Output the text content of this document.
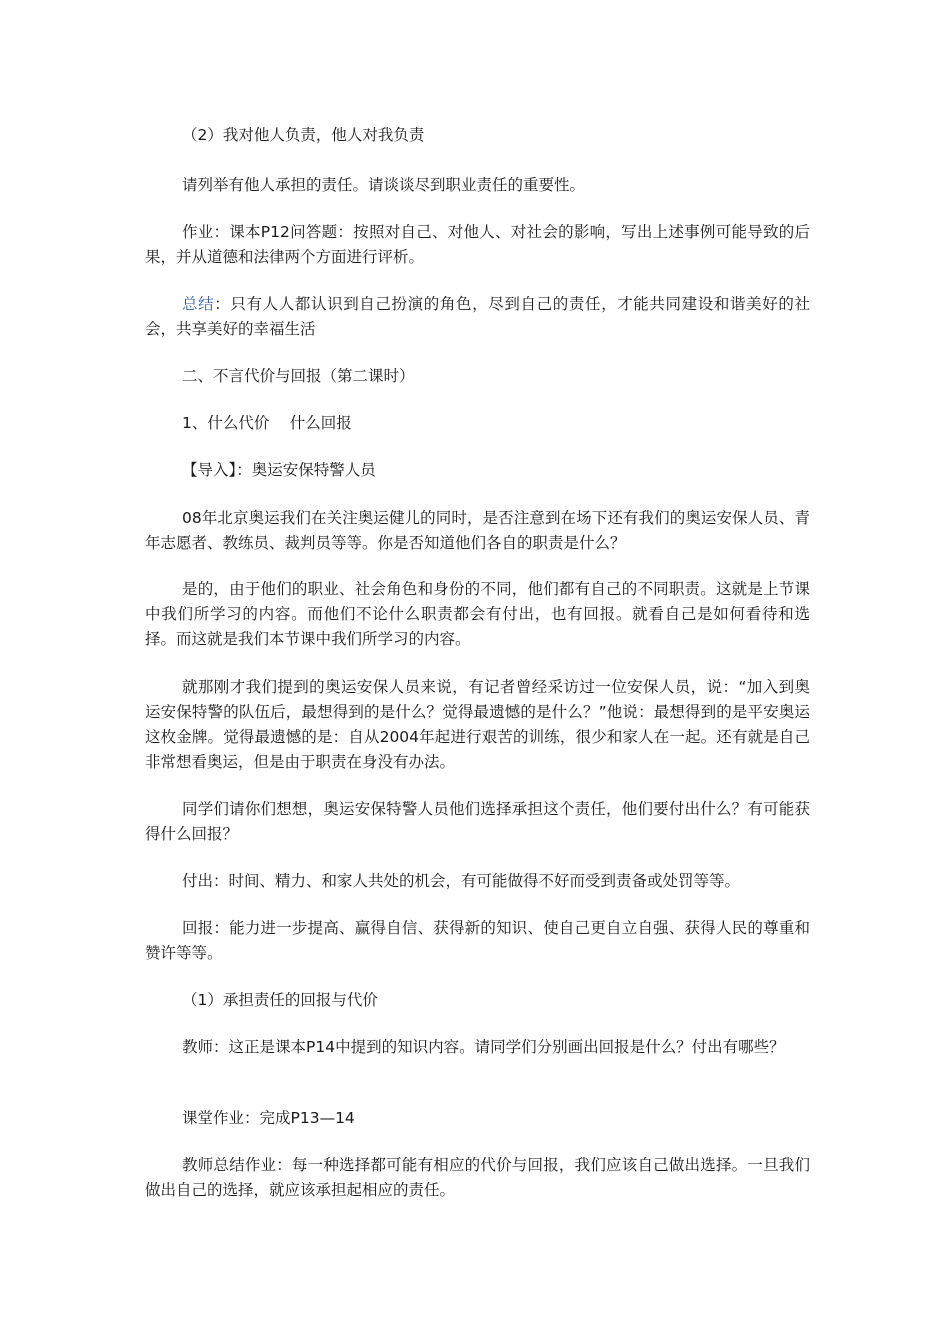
（2）我对他人负责，他人对我负责
请列举有他人承担的责任。请谈谈尽到职业责任的重要性。
作业：课本P12问答题：按照对自己、对他人、对社会的影响，写出上述事例可能导致的后果，并从道德和法律两个方面进行评析。
总结：只有人人都认识到自己扮演的角色，尽到自己的责任，才能共同建设和谐美好的社会，共享美好的幸福生活
二、不言代价与回报（第二课时）
1、什么代价　 什么回报
【导入】：奥运安保特警人员
08年北京奥运我们在关注奥运健儿的同时，是否注意到在场下还有我们的奥运安保人员、青年志愿者、教练员、裁判员等等。你是否知道他们各自的职责是什么？
是的，由于他们的职业、社会角色和身份的不同，他们都有自己的不同职责。这就是上节课中我们所学习的内容。而他们不论什么职责都会有付出，也有回报。就看自己是如何看待和选择。而这就是我们本节课中我们所学习的内容。
就那刚才我们提到的奥运安保人员来说，有记者曾经采访过一位安保人员，说：“加入到奥运安保特警的队伍后，最想得到的是什么？觉得最遗憾的是什么？”他说：最想得到的是平安奥运这枚金牌。觉得最遗憾的是：自从2004年起进行艰苦的训练，很少和家人在一起。还有就是自己非常想看奥运，但是由于职责在身没有办法。
同学们请你们想想，奥运安保特警人员他们选择承担这个责任，他们要付出什么？有可能获得什么回报？
付出：时间、精力、和家人共处的机会，有可能做得不好而受到责备或处罚等等。
回报：能力进一步提高、赢得自信、获得新的知识、使自己更自立自强、获得人民的尊重和赞许等等。
（1）承担责任的回报与代价
教师：这正是课本P14中提到的知识内容。请同学们分别画出回报是什么？付出有哪些？
课堂作业：完成P13—14
教师总结作业：每一种选择都可能有相应的代价与回报，我们应该自己做出选择。一旦我们做出自己的选择，就应该承担起相应的责任。
